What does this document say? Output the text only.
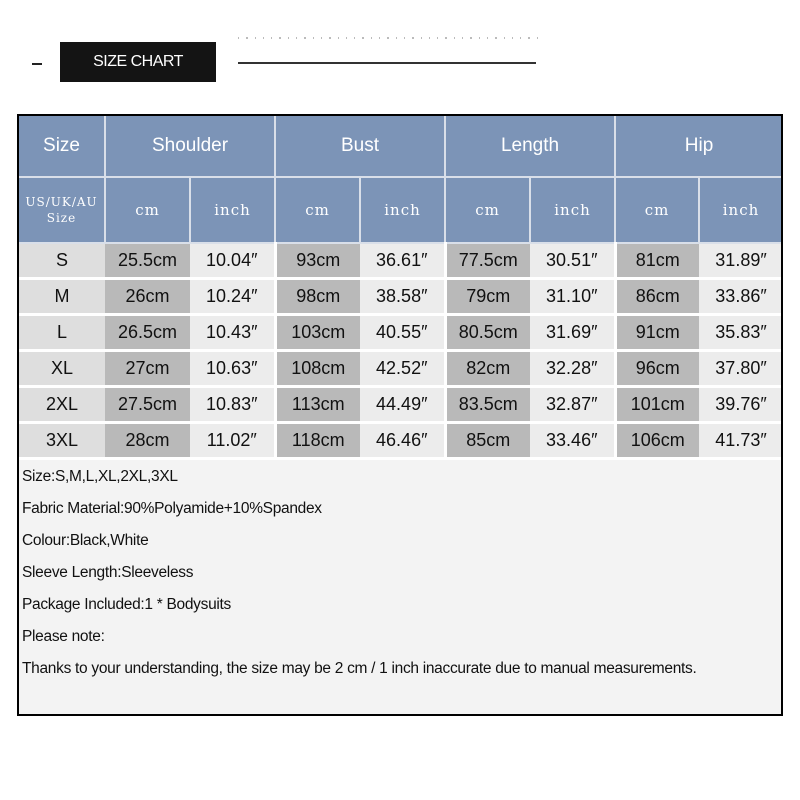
SIZE CHART
Size	Shoulder		Bust		Length		Hip	

US/UK/AU
Size	cm	inch	cm	inch	cm	inch	cm	inch
S	25.5cm	10.04″	93cm	36.61″	77.5cm	30.51″	81cm	31.89″
M	26cm	10.24″	98cm	38.58″	79cm	31.10″	86cm	33.86″
L	26.5cm	10.43″	103cm	40.55″	80.5cm	31.69″	91cm	35.83″
XL	27cm	10.63″	108cm	42.52″	82cm	32.28″	96cm	37.80″
2XL	27.5cm	10.83″	113cm	44.49″	83.5cm	32.87″	101cm	39.76″
3XL	28cm	11.02″	118cm	46.46″	85cm	33.46″	106cm	41.73″
Size:S,M,L,XL,2XL,3XL
Fabric Material:90%Polyamide+10%Spandex
Colour:Black,White
Sleeve Length:Sleeveless
Package Included:1 * Bodysuits
Please note:
Thanks to your understanding, the size may be 2 cm / 1 inch inaccurate due to manual measurements.
